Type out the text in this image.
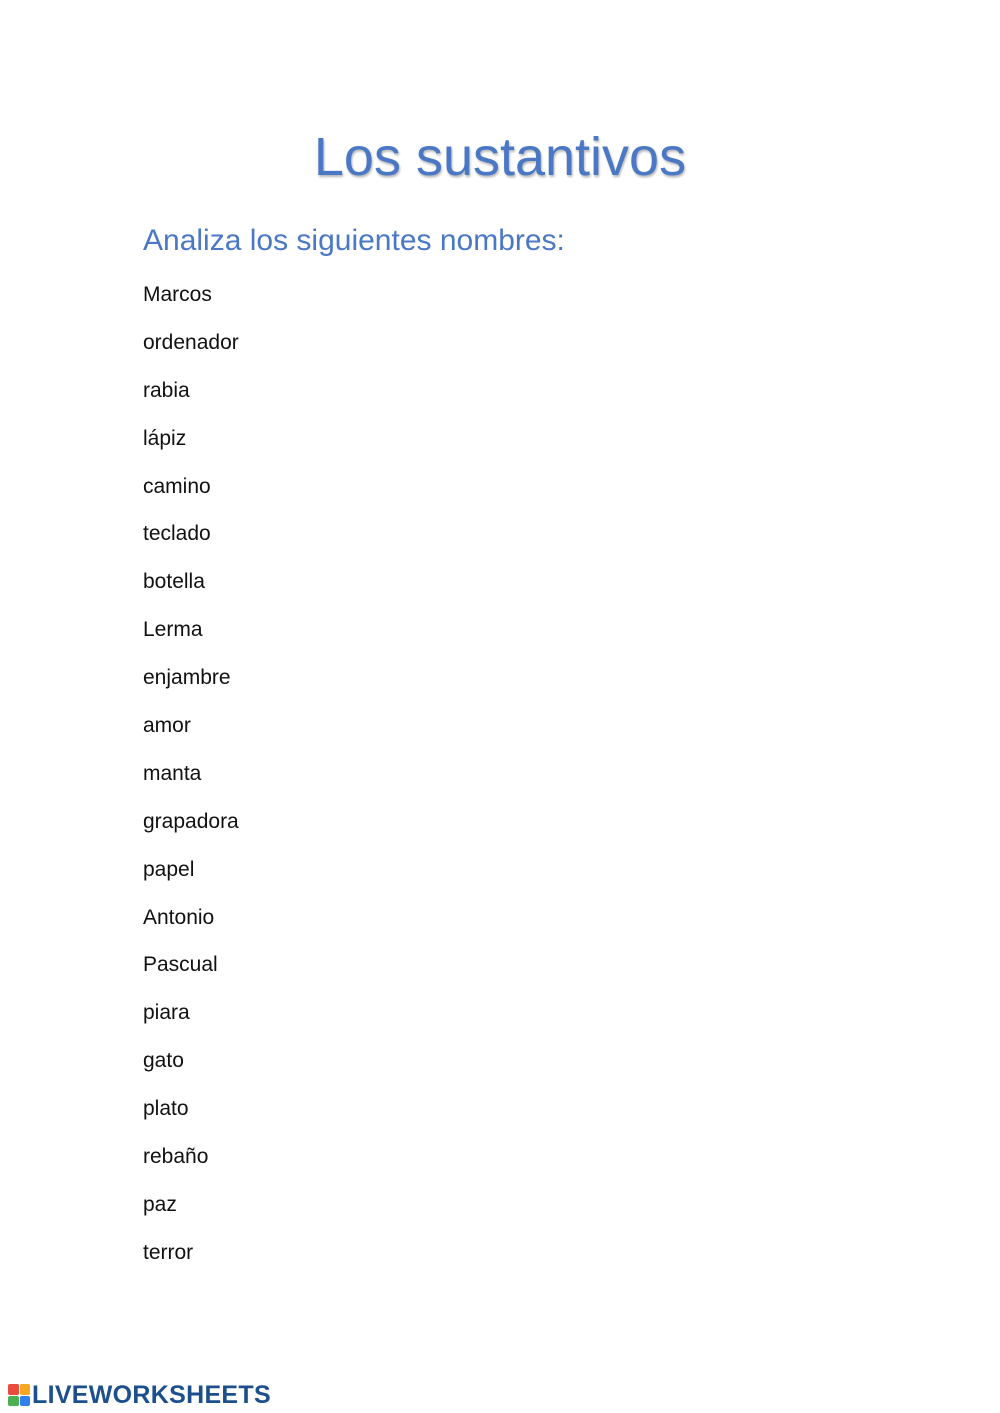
Los sustantivos
Analiza los siguientes nombres:
Marcos
ordenador
rabia
lápiz
camino
teclado
botella
Lerma
enjambre
amor
manta
grapadora
papel
Antonio
Pascual
piara
gato
plato
rebaño
paz
terror
LIVEWORKSHEETS
